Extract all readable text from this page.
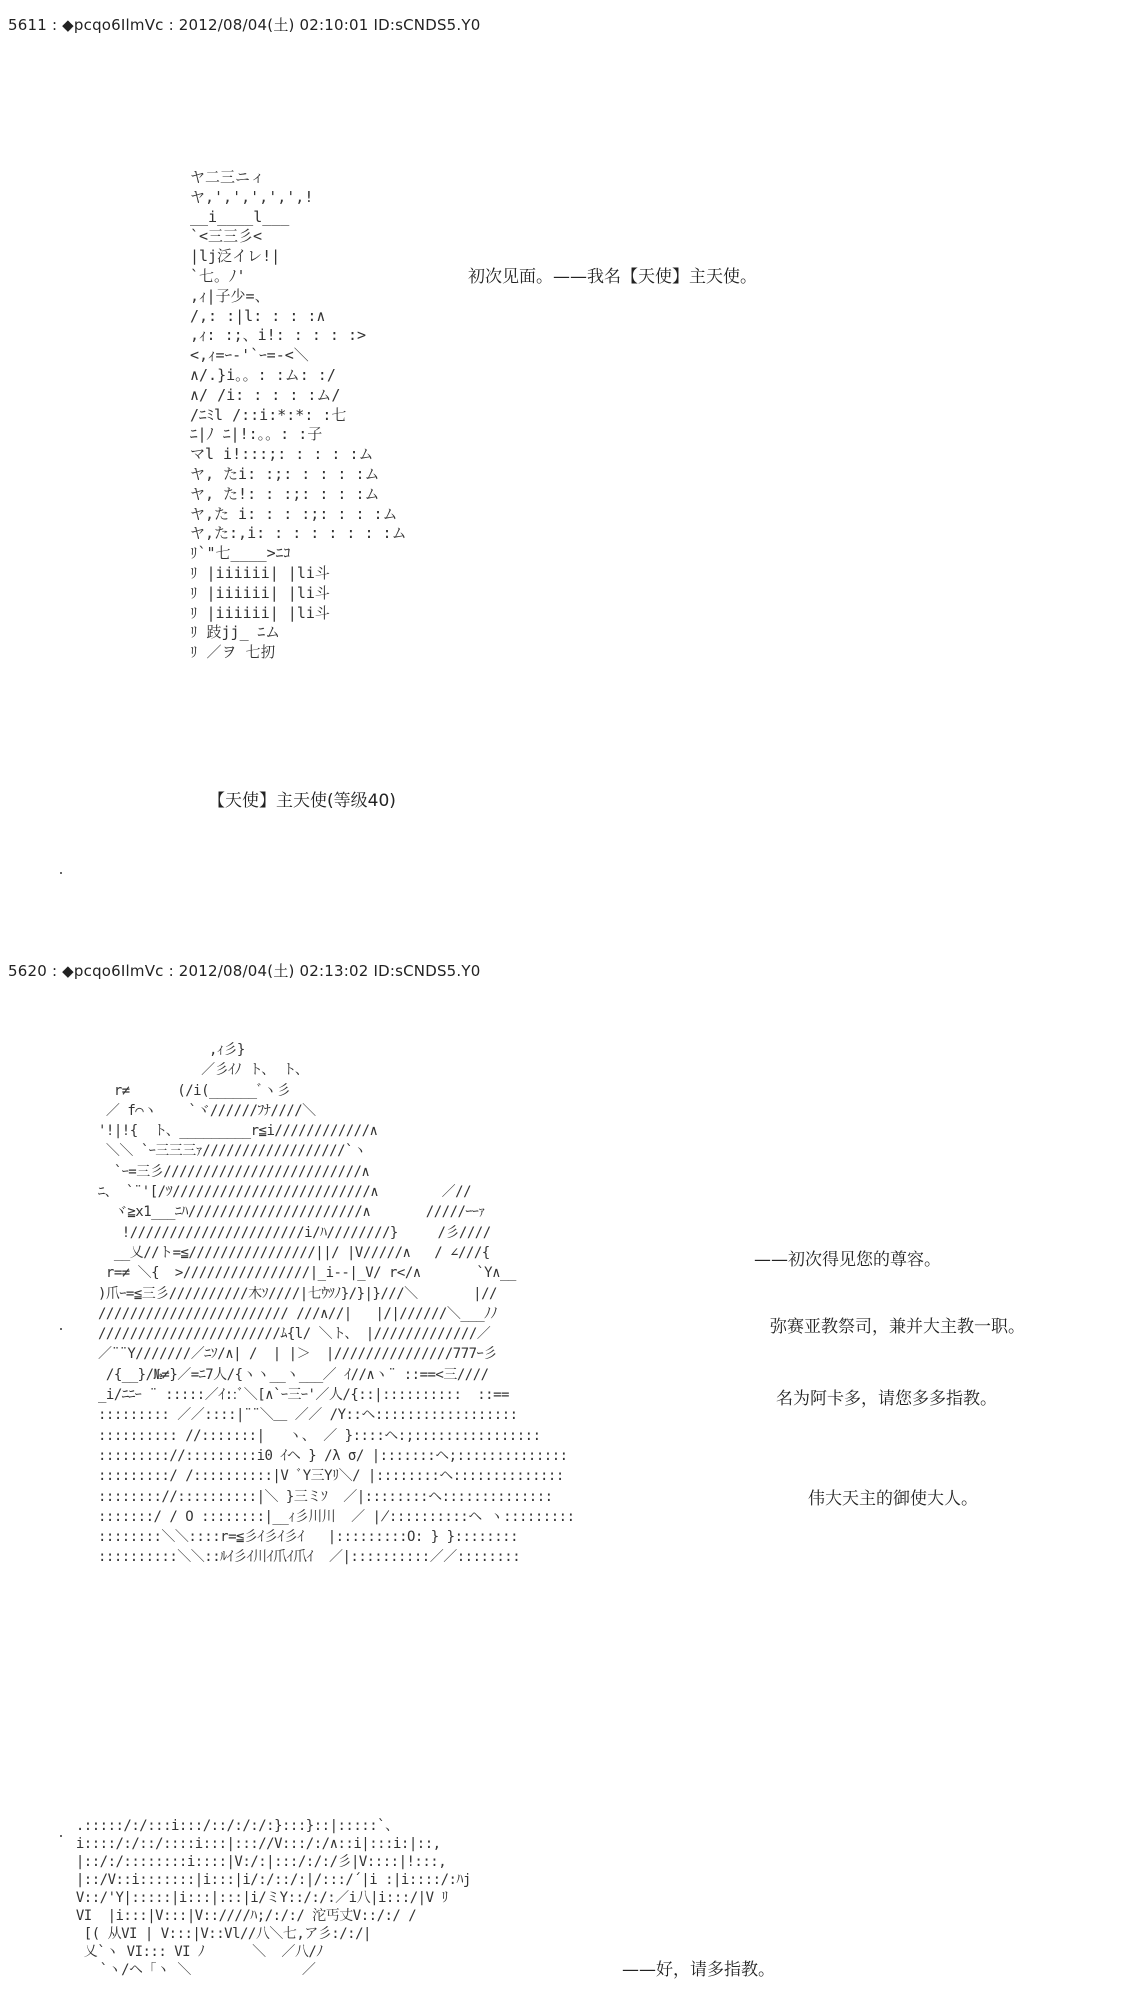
5611 : ◆pcqo6IlmVc : 2012/08/04(土) 02:10:01 ID:sCNDS5.Y0
ヤ二三ニィ
ヤ,',',',',',!
__i____l___
`<三三彡<
|lj泛イレ!|
`七。ﾉ'
,ｨ|子少=、
/,: :|l: : : :∧
,ｨ: :;、i!: : : : :>
<,ｨ=ｰ-'`ｰ=-<＼
∧/.}i。。: :ム: :/
∧/ /i: : : : :ム/
/ﾆﾐl /::i:*:*: :七
ﾆ|ﾉ ﾆ|!:。。: :子
マl i!:::;: : : : :ム
ヤ, たi: :;: : : : :ム
ヤ, た!: : :;: : : :ム
ヤ,た i: : : :;: : : :ム
ヤ,た:,i: : : : : : : :ム
ﾘ`"七____>ﾆｺ
ﾘ |iiiiii| |li斗
ﾘ |iiiiii| |li斗
ﾘ |iiiiii| |li斗
ﾘ 跂jj_ ﾆム
ﾘ ／ヲ 七扨
初次见面。——我名【天使】主天使。
【天使】主天使(等级40)
5620 : ◆pcqo6IlmVc : 2012/08/04(土) 02:13:02 ID:sCNDS5.Y0
,ｨ彡}
／彡ｲﾉ ト、 ト、
r≠      (/i(______ﾞヽ彡
／ f⌒ヽ    `ヾ//////ﾌﾅ////＼
'!|!{  ト、_________r≦i////////////∧
＼＼ `ｰ三三三ｧ//////////////////`ヽ
`ｰ=三彡/////////////////////////∧
ﾆ、 `¨'[/ﾂ/////////////////////////∧        ／//
ヾ≧x1___ﾆﾊ//////////////////////∧       /////ｰｰｧ
!//////////////////////i/ﾊ////////}     /彡////
__乂//ト=≦////////////////||/ |V/////∧   / ∠///{
r=≠ ＼{  >////////////////|_i--|_V/ r</∧       `Y∧__
)爪ｰ=≦三彡//////////木ｿ////|七ｳﾂﾉ}/}|}///＼       |//
//////////////////////// ///∧//|   |/|//////＼___ﾉﾉ
///////////////////////ﾑ{l/ ＼ト、 |/////////////／
／¨¨Y///////／ﾆｿ/∧| /  | |＞  |///////////////777ｰ彡
/{__}/№≠}／=ﾆ7人/{ヽヽ__ヽ___／ ｲ//∧ヽ¨ ::==<三////
_i/ﾆﾆｰ ¨ :::::／ｲ::ﾞ＼[∧`ｰ三ｰ'／人/{::|::::::::::  ::==
::::::::: ／／::::|¨¨＼＿ ／／ /Y::ヘ::::::::::::::::::
:::::::::: //:::::::|   ヽ、 ／ }::::ヘ:;::::::::::::::::
::::::::://:::::::::i0 ｲヘ } /λ σ/ |:::::::ヘ;::::::::::::::
:::::::::/ /::::::::::|V ﾞY三Yﾘ＼/ |::::::::ヘ::::::::::::::
:::::::://::::::::::|＼ }三ミｿ  ／|::::::::ヘ::::::::::::::
:::::::/ / O ::::::::|__ｨ彡川川  ／ ∤::::::::::ヘ ヽ:::::::::
::::::::＼＼::::r=≦彡ｲ彡ｲ彡ｲ   |:::::::::O: } }::::::::
::::::::::＼＼::ﾙｲ彡ｲ川ｲ爪ｲ爪ｲ  ／|::::::::::／／::::::::
——初次得见您的尊容。
弥赛亚教祭司，兼并大主教一职。
名为阿卡多，请您多多指教。
伟大天主的御使大人。
.:::::/:/:::i:::/::/:/:/:}:::}::|:::::`、
i::::/:/::/::::i:::|::://V:::/:/∧::i|:::i:|::,
|::/:/::::::::i::::|V:/:|:::/:/:/彡|V::::|!:::,
|::/V::i:::::::|i:::|i/:/::/:|/:::/´|i :|i::::/:ﾊj
V::/'Y|:::::|i:::|:::|i/ミY::/:/:／i八|i:::/|V ﾘ
VI  |i:::|V:::|V::////ﾊ;/:/:/ 沱丐丈V::/:/ /
[( 从VI | V:::|V::Vl//八＼七,ア彡:/:/|
乂`ヽ VI::: VI ﾉ      ＼  ／八/ﾉ
`ヽ/ヘ「ヽ ＼              ／	——好，请多指教。
